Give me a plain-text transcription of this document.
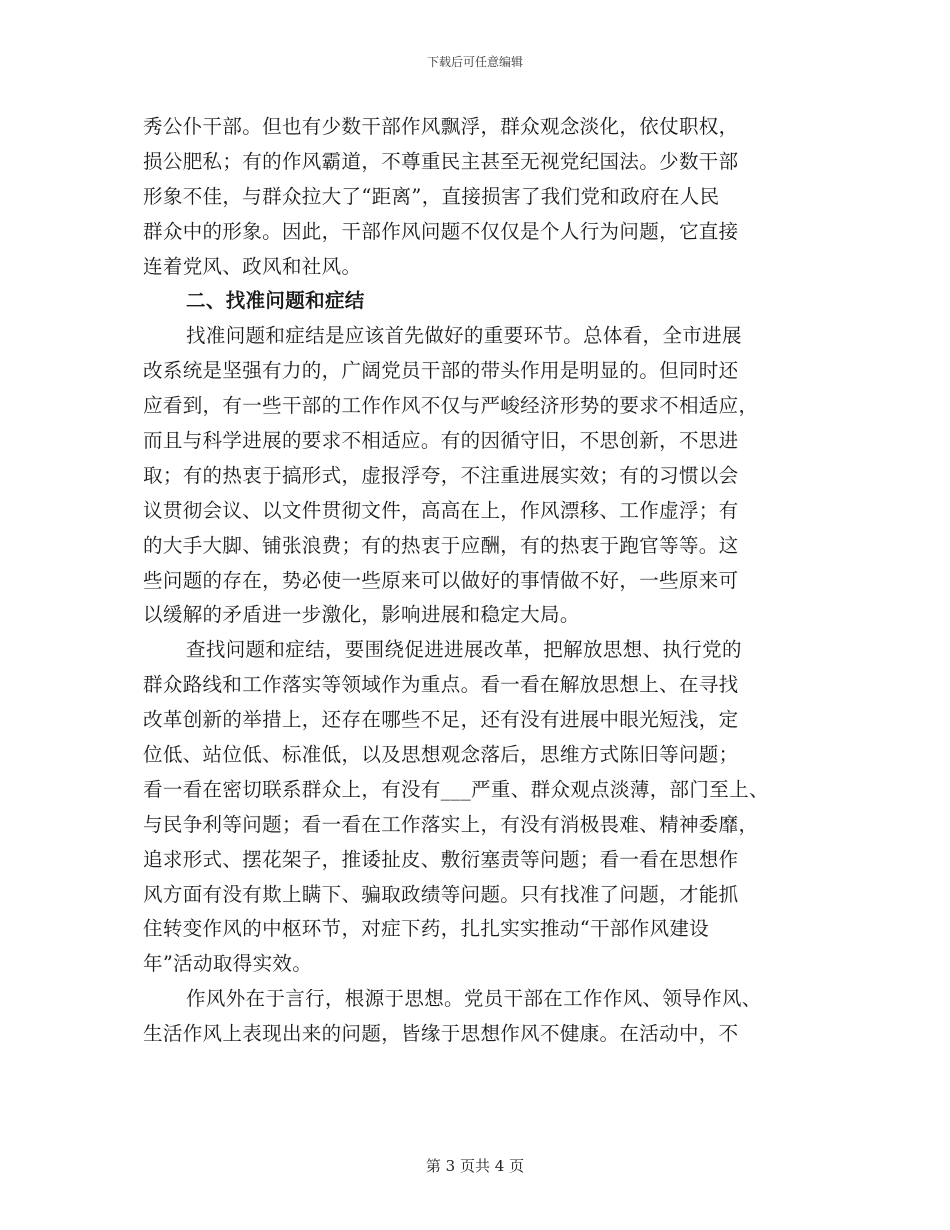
下载后可任意编辑
秀公仆干部。但也有少数干部作风飘浮，群众观念淡化，依仗职权，
损公肥私；有的作风霸道，不尊重民主甚至无视党纪国法。少数干部
形象不佳，与群众拉大了“距离”，直接损害了我们党和政府在人民
群众中的形象。因此，干部作风问题不仅仅是个人行为问题，它直接
连着党风、政风和社风。
二、找准问题和症结
找准问题和症结是应该首先做好的重要环节。总体看，全市进展
改系统是坚强有力的，广阔党员干部的带头作用是明显的。但同时还
应看到，有一些干部的工作作风不仅与严峻经济形势的要求不相适应，
而且与科学进展的要求不相适应。有的因循守旧，不思创新，不思进
取；有的热衷于搞形式，虚报浮夸，不注重进展实效；有的习惯以会
议贯彻会议、以文件贯彻文件，高高在上，作风漂移、工作虚浮；有
的大手大脚、铺张浪费；有的热衷于应酬，有的热衷于跑官等等。这
些问题的存在，势必使一些原来可以做好的事情做不好，一些原来可
以缓解的矛盾进一步激化，影响进展和稳定大局。
查找问题和症结，要围绕促进进展改革，把解放思想、执行党的
群众路线和工作落实等领域作为重点。看一看在解放思想上、在寻找
改革创新的举措上，还存在哪些不足，还有没有进展中眼光短浅，定
位低、站位低、标准低，以及思想观念落后，思维方式陈旧等问题；
看一看在密切联系群众上，有没有___严重、群众观点淡薄，部门至上、
与民争利等问题；看一看在工作落实上，有没有消极畏难、精神委靡，
追求形式、摆花架子，推诿扯皮、敷衍塞责等问题；看一看在思想作
风方面有没有欺上瞒下、骗取政绩等问题。只有找准了问题，才能抓
住转变作风的中枢环节，对症下药，扎扎实实推动“干部作风建设
年”活动取得实效。
作风外在于言行，根源于思想。党员干部在工作作风、领导作风、
生活作风上表现出来的问题，皆缘于思想作风不健康。在活动中，不
第 3 页共 4 页
